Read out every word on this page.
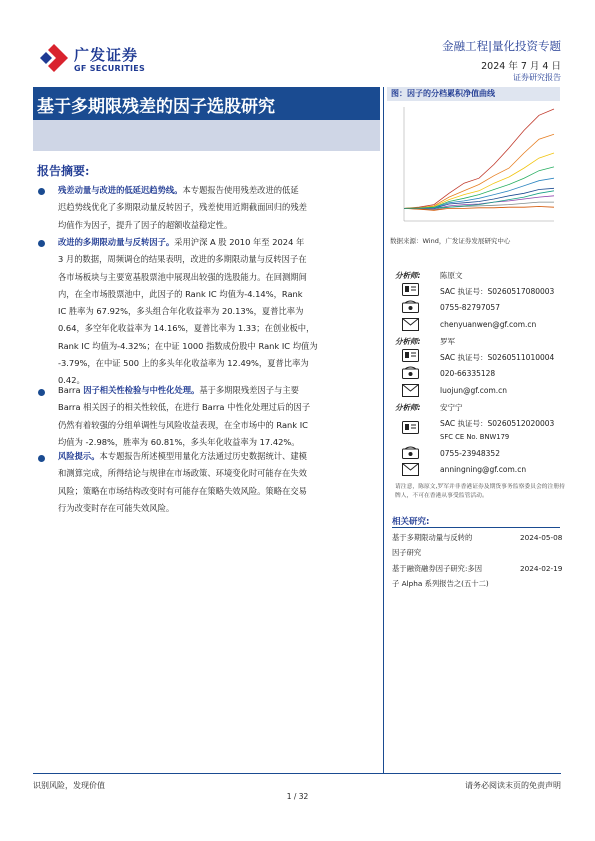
广发证券
GF SECURITIES
金融工程|量化投资专题
2024 年 7 月 4 日
证券研究报告
基于多期限残差的因子选股研究
报告摘要:
残差动量与改进的低延迟趋势线。本专题报告使用残差改进的低延
迟趋势线优化了多期限动量反转因子，残差使用近期截面回归的残差
均值作为因子，提升了因子的超额收益稳定性。
改进的多期限动量与反转因子。采用沪深 A 股 2010 年至 2024 年
3 月的数据，周频调仓的结果表明，改进的多期限动量与反转因子在
各市场板块与主要宽基股票池中展现出较强的选股能力。在回测期间
内，在全市场股票池中，此因子的 Rank IC 均值为-4.14%，Rank
IC 胜率为 67.92%，多头组合年化收益率为 20.13%，夏普比率为
0.64，多空年化收益率为 14.16%，夏普比率为 1.33；在创业板中，
Rank IC 均值为-4.32%；在中证 1000 指数成份股中 Rank IC 均值为
-3.79%，在中证 500 上的多头年化收益率为 12.49%，夏普比率为
0.42。
Barra 因子相关性检验与中性化处理。基于多期限残差因子与主要
Barra 相关因子的相关性较低，在进行 Barra 中性化处理过后的因子
仍然有着较强的分组单调性与风险收益表现，在全市场中的 Rank IC
均值为 -2.98%，胜率为 60.81%，多头年化收益率为 17.42%。
风险提示。本专题报告所述模型用量化方法通过历史数据统计、建模
和测算完成，所得结论与规律在市场政策、环境变化时可能存在失效
风险；策略在市场结构改变时有可能存在策略失效风险。策略在交易
行为改变时存在可能失效风险。
图：因子的分档累积净值曲线
数据来源：Wind，广发证券发展研究中心
分析师:	陈原文
SAC 执证号：S0260517080003
0755-82797057
chenyuanwen@gf.com.cn
分析师:	罗军
SAC 执证号：S0260511010004
020-66335128
luojun@gf.com.cn
分析师:	安宁宁
SAC 执证号：S0260512020003
SFC CE No. BNW179
0755-23948352
anningning@gf.com.cn
请注意，陈原文,罗军并非香港证券及期货事务监察委员会的注册持牌人，不可在香港从事受监管活动。
相关研究:
基于多期限动量与反转的	2024-05-08
因子研究
基于融资融券因子研究:多因	2024-02-19
子 Alpha 系列报告之(五十二)
识别风险，发现价值	请务必阅读末页的免责声明
1 / 32
